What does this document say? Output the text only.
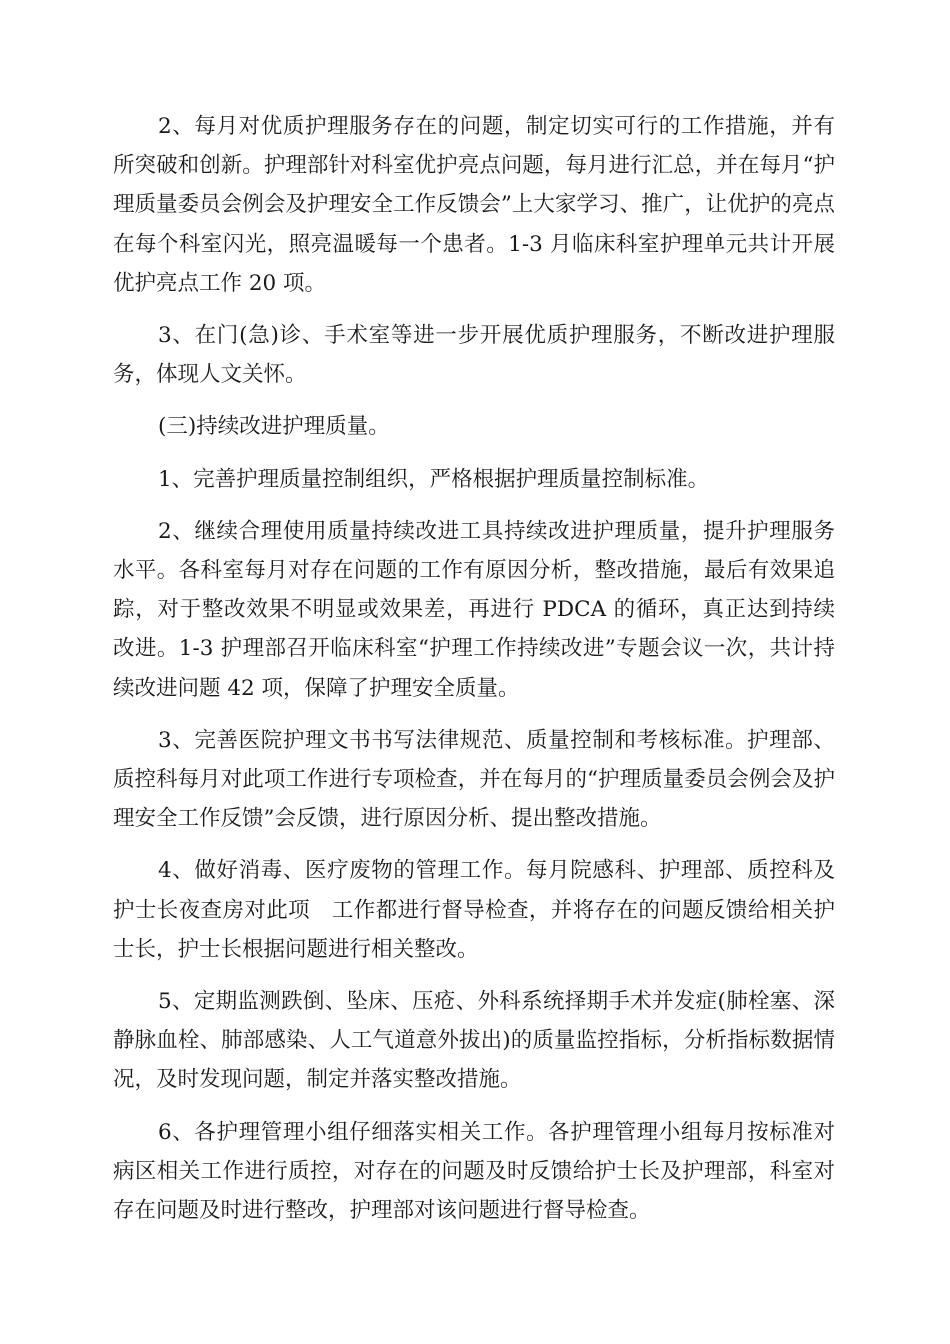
2、每月对优质护理服务存在的问题，制定切实可行的工作措施，并有所突破和创新。护理部针对科室优护亮点问题，每月进行汇总，并在每月“护理质量委员会例会及护理安全工作反馈会”上大家学习、推广，让优护的亮点在每个科室闪光，照亮温暖每一个患者。1-3 月临床科室护理单元共计开展优护亮点工作 20 项。

3、在门(急)诊、手术室等进一步开展优质护理服务，不断改进护理服务，体现人文关怀。

(三)持续改进护理质量。

1、完善护理质量控制组织，严格根据护理质量控制标准。

2、继续合理使用质量持续改进工具持续改进护理质量，提升护理服务水平。各科室每月对存在问题的工作有原因分析，整改措施，最后有效果追踪，对于整改效果不明显或效果差，再进行 PDCA 的循环，真正达到持续改进。1-3 护理部召开临床科室“护理工作持续改进”专题会议一次，共计持续改进问题 42 项，保障了护理安全质量。

3、完善医院护理文书书写法律规范、质量控制和考核标准。护理部、质控科每月对此项工作进行专项检查，并在每月的“护理质量委员会例会及护理安全工作反馈”会反馈，进行原因分析、提出整改措施。

4、做好消毒、医疗废物的管理工作。每月院感科、护理部、质控科及护士长夜查房对此项　工作都进行督导检查，并将存在的问题反馈给相关护士长，护士长根据问题进行相关整改。

5、定期监测跌倒、坠床、压疮、外科系统择期手术并发症(肺栓塞、深静脉血栓、肺部感染、人工气道意外拔出)的质量监控指标，分析指标数据情况，及时发现问题，制定并落实整改措施。

6、各护理管理小组仔细落实相关工作。各护理管理小组每月按标准对病区相关工作进行质控，对存在的问题及时反馈给护士长及护理部，科室对存在问题及时进行整改，护理部对该问题进行督导检查。
